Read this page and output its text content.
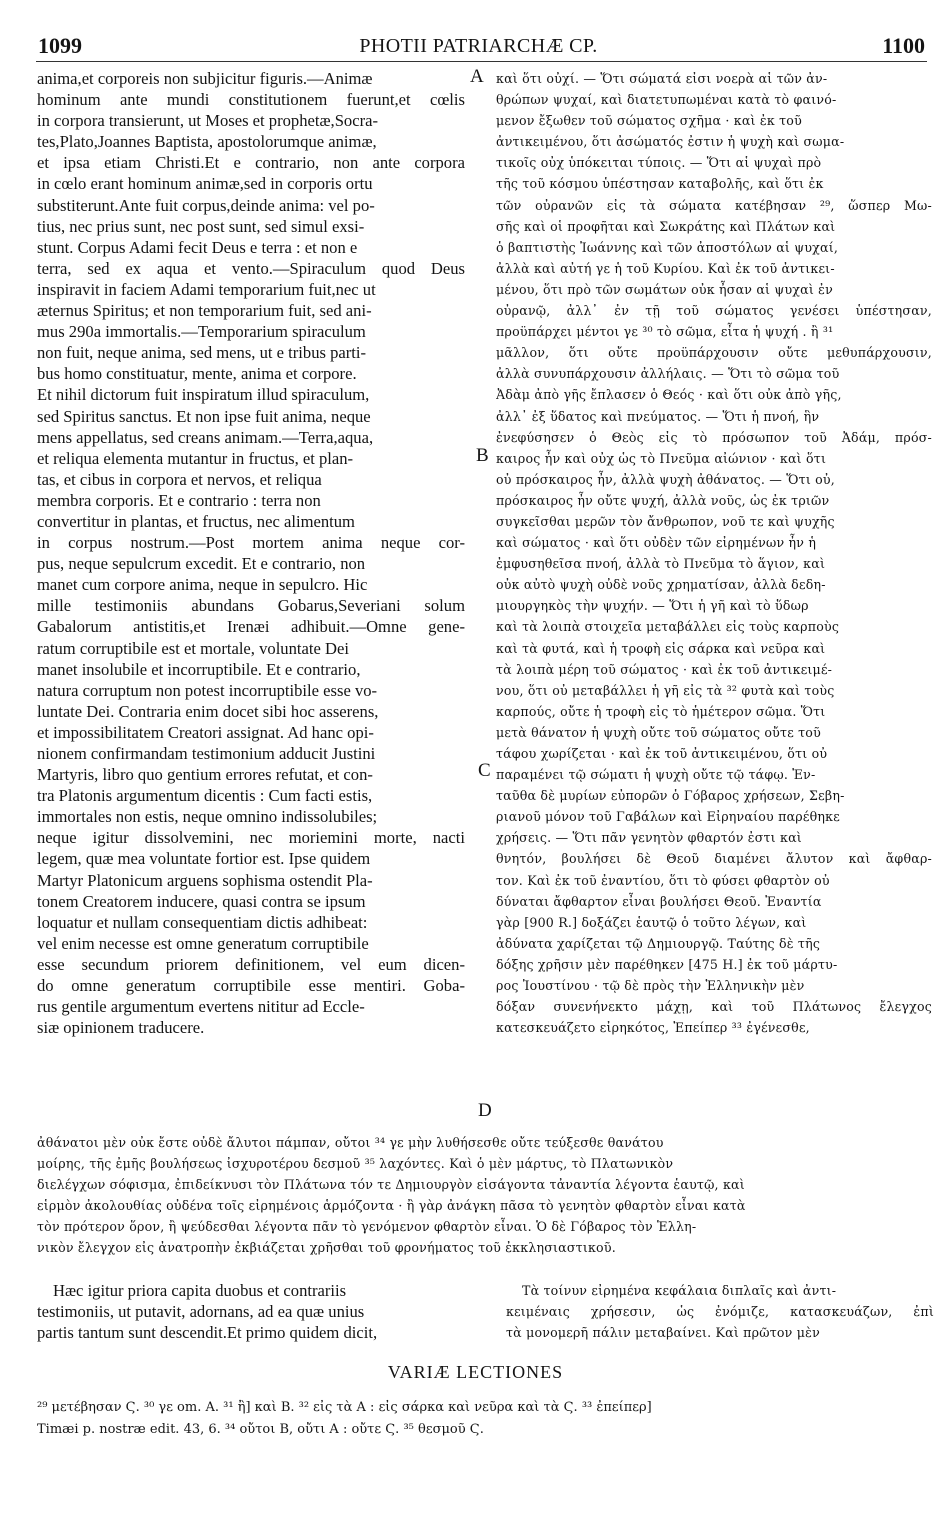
1099	PHOTII PATRIARCHÆ CP.	1100
anima,et corporeis non subjicitur figuris.—Animæ
hominum ante mundi constitutionem fuerunt,et cœlis
in corpora transierunt, ut Moses et prophetæ,Socra-
tes,Plato,Joannes Baptista, apostolorumque animæ,
et ipsa etiam Christi.Et e contrario, non ante corpora
in cœlo erant hominum animæ,sed in corporis ortu
substiterunt.Ante fuit corpus,deinde anima: vel po-
tius, nec prius sunt, nec post sunt, sed simul exsi-
stunt. Corpus Adami fecit Deus e terra : et non e
terra, sed ex aqua et vento.—Spiraculum quod Deus
inspiravit in faciem Adami temporarium fuit,nec ut
æternus Spiritus; et non temporarium fuit, sed ani-
mus 290a immortalis.—Temporarium spiraculum
non fuit, neque anima, sed mens, ut e tribus parti-
bus homo constituatur, mente, anima et corpore.
Et nihil dictorum fuit inspiratum illud spiraculum,
sed Spiritus sanctus. Et non ipse fuit anima, neque
mens appellatus, sed creans animam.—Terra,aqua,
et reliqua elementa mutantur in fructus, et plan-
tas, et cibus in corpora et nervos, et reliqua
membra corporis. Et e contrario : terra non
convertitur in plantas, et fructus, nec alimentum
in corpus nostrum.—Post mortem anima neque cor-
pus, neque sepulcrum excedit. Et e contrario, non
manet cum corpore anima, neque in sepulcro. Hic
mille testimoniis abundans Gobarus,Severiani solum
Gabalorum antistitis,et Irenæi adhibuit.—Omne gene-
ratum corruptibile est et mortale, voluntate Dei
manet insolubile et incorruptibile. Et e contrario,
natura corruptum non potest incorruptibile esse vo-
luntate Dei. Contraria enim docet sibi hoc asserens,
et impossibilitatem Creatori assignat. Ad hanc opi-
nionem confirmandam testimonium adducit Justini
Martyris, libro quo gentium errores refutat, et con-
tra Platonis argumentum dicentis : Cum facti estis,
immortales non estis, neque omnino indissolubiles;
neque igitur dissolvemini, nec moriemini morte, nacti
legem, quæ mea voluntate fortior est. Ipse quidem
Martyr Platonicum arguens sophisma ostendit Pla-
tonem Creatorem inducere, quasi contra se ipsum
loquatur et nullam consequentiam dictis adhibeat:
vel enim necesse est omne generatum corruptibile
esse secundum priorem definitionem, vel eum dicen-
do omne generatum corruptibile esse mentiri. Goba-
rus gentile argumentum evertens nititur ad Eccle-
siæ opinionem traducere.
καὶ ὅτι οὐχί. — Ὅτι σώματά εἰσι νοερὰ αἱ τῶν ἀν-
θρώπων ψυχαί, καὶ διατετυπωμέναι κατὰ τὸ φαινό-
μενον ἔξωθεν τοῦ σώματος σχῆμα · καὶ ἐκ τοῦ
ἀντικειμένου, ὅτι ἀσώματός ἐστιν ἡ ψυχὴ καὶ σωμα-
τικοῖς οὐχ ὑπόκειται τύποις. — Ὅτι αἱ ψυχαὶ πρὸ
τῆς τοῦ κόσμου ὑπέστησαν καταβολῆς, καὶ ὅτι ἐκ
τῶν οὐρανῶν εἰς τὰ σώματα κατέβησαν ²⁹, ὥσπερ Μω-
σῆς καὶ οἱ προφῆται καὶ Σωκράτης καὶ Πλάτων καὶ
ὁ βαπτιστὴς Ἰωάννης καὶ τῶν ἀποστόλων αἱ ψυχαί,
ἀλλὰ καὶ αὐτή γε ἡ τοῦ Κυρίου. Καὶ ἐκ τοῦ ἀντικει-
μένου, ὅτι πρὸ τῶν σωμάτων οὐκ ἦσαν αἱ ψυχαὶ ἐν
οὐρανῷ, ἀλλ᾽ ἐν τῇ τοῦ σώματος γενέσει ὑπέστησαν,
προϋπάρχει μέντοι γε ³⁰ τὸ σῶμα, εἶτα ἡ ψυχή . ἢ ³¹
μᾶλλον, ὅτι οὔτε προϋπάρχουσιν οὔτε μεθυπάρχουσιν,
ἀλλὰ συνυπάρχουσιν ἀλλήλαις. — Ὅτι τὸ σῶμα τοῦ
Ἀδὰμ ἀπὸ γῆς ἔπλασεν ὁ Θεός · καὶ ὅτι οὐκ ἀπὸ γῆς,
ἀλλ᾽ ἐξ ὕδατος καὶ πνεύματος. — Ὅτι ἡ πνοή, ἣν
ἐνεφύσησεν ὁ Θεὸς εἰς τὸ πρόσωπον τοῦ Ἀδάμ, πρόσ-
καιρος ἦν καὶ οὐχ ὡς τὸ Πνεῦμα αἰώνιον · καὶ ὅτι
οὐ πρόσκαιρος ἦν, ἀλλὰ ψυχὴ ἀθάνατος. — Ὅτι οὐ,
πρόσκαιρος ἦν οὔτε ψυχή, ἀλλὰ νοῦς, ὡς ἐκ τριῶν
συγκεῖσθαι μερῶν τὸν ἄνθρωπον, νοῦ τε καὶ ψυχῆς
καὶ σώματος · καὶ ὅτι οὐδὲν τῶν εἰρημένων ἦν ἡ
ἐμφυσηθεῖσα πνοή, ἀλλὰ τὸ Πνεῦμα τὸ ἅγιον, καὶ
οὐκ αὐτὸ ψυχὴ οὐδὲ νοῦς χρηματίσαν, ἀλλὰ δεδη-
μιουργηκὸς τὴν ψυχήν. — Ὅτι ἡ γῆ καὶ τὸ ὕδωρ
καὶ τὰ λοιπὰ στοιχεῖα μεταβάλλει εἰς τοὺς καρποὺς
καὶ τὰ φυτά, καὶ ἡ τροφὴ εἰς σάρκα καὶ νεῦρα καὶ
τὰ λοιπὰ μέρη τοῦ σώματος · καὶ ἐκ τοῦ ἀντικειμέ-
νου, ὅτι οὐ μεταβάλλει ἡ γῆ εἰς τὰ ³² φυτὰ καὶ τοὺς
καρπούς, οὔτε ἡ τροφὴ εἰς τὸ ἡμέτερον σῶμα. Ὅτι
μετὰ θάνατον ἡ ψυχὴ οὔτε τοῦ σώματος οὔτε τοῦ
τάφου χωρίζεται · καὶ ἐκ τοῦ ἀντικειμένου, ὅτι οὐ
παραμένει τῷ σώματι ἡ ψυχὴ οὔτε τῷ τάφῳ. Ἐν-
ταῦθα δὲ μυρίων εὐπορῶν ὁ Γόβαρος χρήσεων, Σεβη-
ριανοῦ μόνον τοῦ Γαβάλων καὶ Εἰρηναίου παρέθηκε
χρήσεις. — Ὅτι πᾶν γενητὸν φθαρτόν ἐστι καὶ
θνητόν, βουλήσει δὲ Θεοῦ διαμένει ἄλυτον καὶ ἄφθαρ-
τον. Καὶ ἐκ τοῦ ἐναντίου, ὅτι τὸ φύσει φθαρτὸν οὐ
δύναται ἄφθαρτον εἶναι βουλήσει Θεοῦ. Ἐναντία
γὰρ [900 R.] δοξάζει ἑαυτῷ ὁ τοῦτο λέγων, καὶ
ἀδύνατα χαρίζεται τῷ Δημιουργῷ. Ταύτης δὲ τῆς
δόξης χρῆσιν μὲν παρέθηκεν [475 H.] ἐκ τοῦ μάρτυ-
ρος Ἰουστίνου · τῷ δὲ πρὸς τὴν Ἑλληνικὴν μὲν
δόξαν συνενήνεκτο μάχῃ, καὶ τοῦ Πλάτωνος ἔλεγχος
κατεσκευάζετο εἰρηκότος, Ἐπείπερ ³³ ἐγένεσθε,
A
B
C
D
ἀθάνατοι μὲν οὐκ ἔστε οὐδὲ ἄλυτοι πάμπαν, οὔτοι ³⁴ γε μὴν λυθήσεσθε οὔτε τεύξεσθε θανάτου
μοίρης, τῆς ἐμῆς βουλήσεως ἰσχυροτέρου δεσμοῦ ³⁵ λαχόντες. Καὶ ὁ μὲν μάρτυς, τὸ Πλατωνικὸν
διελέγχων σόφισμα, ἐπιδείκνυσι τὸν Πλάτωνα τόν τε Δημιουργὸν εἰσάγοντα τἀναντία λέγοντα ἑαυτῷ, καὶ
εἱρμὸν ἀκολουθίας οὐδένα τοῖς εἰρημένοις ἁρμόζοντα · ἢ γὰρ ἀνάγκη πᾶσα τὸ γενητὸν φθαρτὸν εἶναι κατὰ
τὸν πρότερον ὅρον, ἢ ψεύδεσθαι λέγοντα πᾶν τὸ γενόμενον φθαρτὸν εἶναι. Ὁ δὲ Γόβαρος τὸν Ἑλλη-
νικὸν ἔλεγχον εἰς ἀνατροπὴν ἐκβιάζεται χρῆσθαι τοῦ φρονήματος τοῦ ἐκκλησιαστικοῦ.
Hæc igitur priora capita duobus et contrariis
testimoniis, ut putavit, adornans, ad ea quæ unius
partis tantum sunt descendit.Et primo quidem dicit,
Τὰ τοίνυν εἰρημένα κεφάλαια διπλαῖς καὶ ἀντι-
κειμέναις χρήσεσιν, ὡς ἐνόμιζε, κατασκευάζων, ἐπὶ
τὰ μονομερῆ πάλιν μεταβαίνει. Καὶ πρῶτον μὲν
VARIÆ LECTIONES
²⁹ μετέβησαν Ϛ. ³⁰ γε om. A. ³¹ ἢ] καὶ B. ³² εἰς τὰ A : εἰς σάρκα καὶ νεῦρα καὶ τὰ Ϛ. ³³ ἐπείπερ]
Timæi p. nostræ edit. 43, 6. ³⁴ οὔτοι B, οὔτι A : οὔτε Ϛ. ³⁵ θεσμοῦ Ϛ.
